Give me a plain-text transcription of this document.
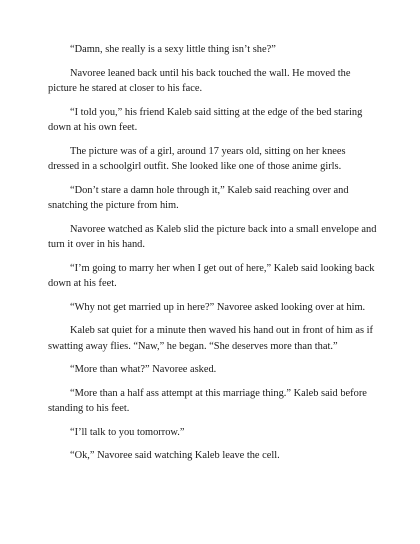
“Damn, she really is a sexy little thing isn’t she?”

Navoree leaned back until his back touched the wall. He moved the picture he stared at closer to his face.

“I told you,” his friend Kaleb said sitting at the edge of the bed staring down at his own feet.

The picture was of a girl, around 17 years old, sitting on her knees dressed in a schoolgirl outfit. She looked like one of those anime girls.

“Don’t stare a damn hole through it,” Kaleb said reaching over and snatching the picture from him.

Navoree watched as Kaleb slid the picture back into a small envelope and turn it over in his hand.

“I’m going to marry her when I get out of here,” Kaleb said looking back down at his feet.

“Why not get married up in here?” Navoree asked looking over at him.

Kaleb sat quiet for a minute then waved his hand out in front of him as if swatting away flies. “Naw,” he began. “She deserves more than that.”

“More than what?” Navoree asked.

“More than a half ass attempt at this marriage thing.” Kaleb said before standing to his feet.

“I’ll talk to you tomorrow.”

“Ok,” Navoree said watching Kaleb leave the cell.
